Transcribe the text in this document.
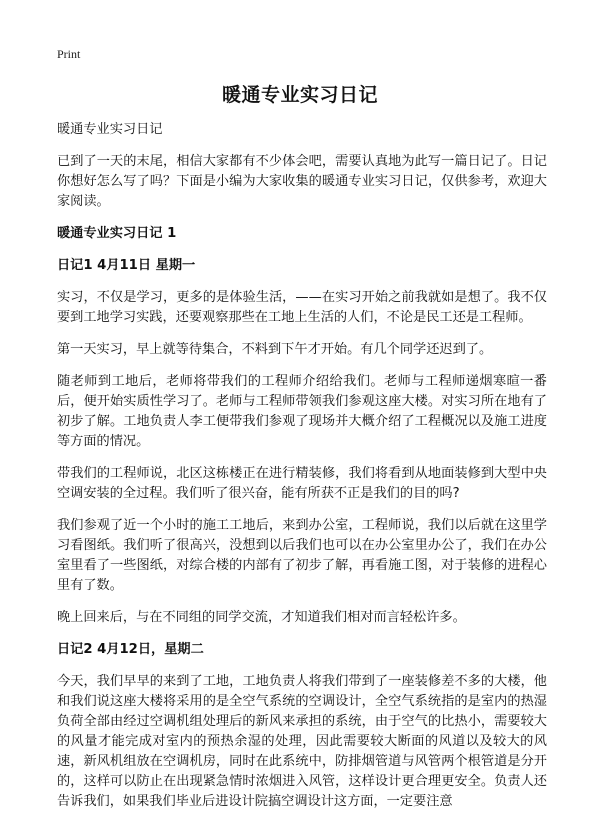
Print
暖通专业实习日记
暖通专业实习日记
已到了一天的末尾，相信大家都有不少体会吧，需要认真地为此写一篇日记了。日记你想好怎么写了吗？下面是小编为大家收集的暖通专业实习日记，仅供参考，欢迎大家阅读。
暖通专业实习日记 1
日记1 4月11日 星期一
实习，不仅是学习，更多的是体验生活，——在实习开始之前我就如是想了。我不仅要到工地学习实践，还要观察那些在工地上生活的人们，不论是民工还是工程师。
第一天实习，早上就等待集合，不料到下午才开始。有几个同学还迟到了。
随老师到工地后，老师将带我们的工程师介绍给我们。老师与工程师递烟寒暄一番后，便开始实质性学习了。老师与工程师带领我们参观这座大楼。对实习所在地有了初步了解。工地负责人李工便带我们参观了现场并大概介绍了工程概况以及施工进度等方面的情况。
带我们的工程师说，北区这栋楼正在进行精装修，我们将看到从地面装修到大型中央空调安装的全过程。我们听了很兴奋，能有所获不正是我们的目的吗?
我们参观了近一个小时的施工工地后，来到办公室，工程师说，我们以后就在这里学习看图纸。我们听了很高兴，没想到以后我们也可以在办公室里办公了，我们在办公室里看了一些图纸，对综合楼的内部有了初步了解，再看施工图，对于装修的进程心里有了数。
晚上回来后，与在不同组的同学交流，才知道我们相对而言轻松许多。
日记2 4月12日，星期二
今天，我们早早的来到了工地，工地负责人将我们带到了一座装修差不多的大楼，他和我们说这座大楼将采用的是全空气系统的空调设计，全空气系统指的是室内的热湿负荷全部由经过空调机组处理后的新风来承担的系统，由于空气的比热小，需要较大的风量才能完成对室内的预热余湿的处理，因此需要较大断面的风道以及较大的风速，新风机组放在空调机房，同时在此系统中，防排烟管道与风管两个根管道是分开的，这样可以防止在出现紧急情时浓烟进入风管，这样设计更合理更安全。负责人还告诉我们，如果我们毕业后进设计院搞空调设计这方面，一定要注意
